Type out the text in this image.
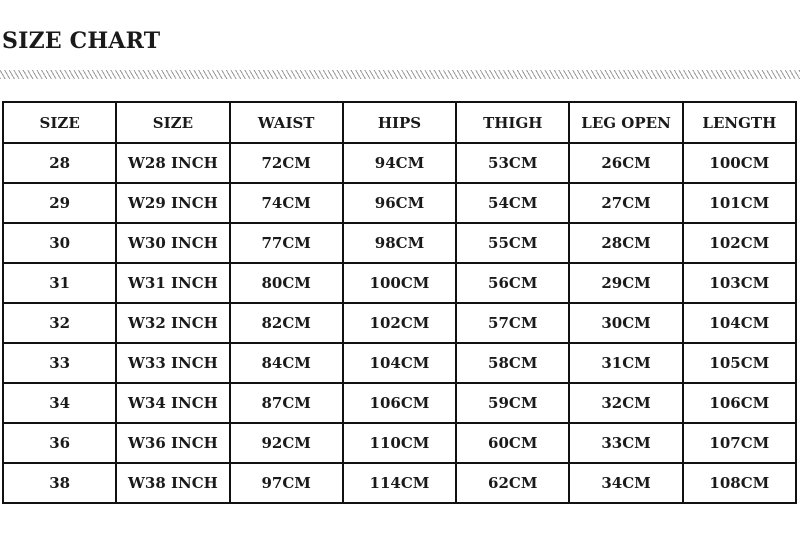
SIZE CHART
SIZE	SIZE	WAIST	HIPS	THIGH	LEG OPEN	LENGTH
28	W28 INCH	72CM	94CM	53CM	26CM	100CM
29	W29 INCH	74CM	96CM	54CM	27CM	101CM
30	W30 INCH	77CM	98CM	55CM	28CM	102CM
31	W31 INCH	80CM	100CM	56CM	29CM	103CM
32	W32 INCH	82CM	102CM	57CM	30CM	104CM
33	W33 INCH	84CM	104CM	58CM	31CM	105CM
34	W34 INCH	87CM	106CM	59CM	32CM	106CM
36	W36 INCH	92CM	110CM	60CM	33CM	107CM
38	W38 INCH	97CM	114CM	62CM	34CM	108CM
